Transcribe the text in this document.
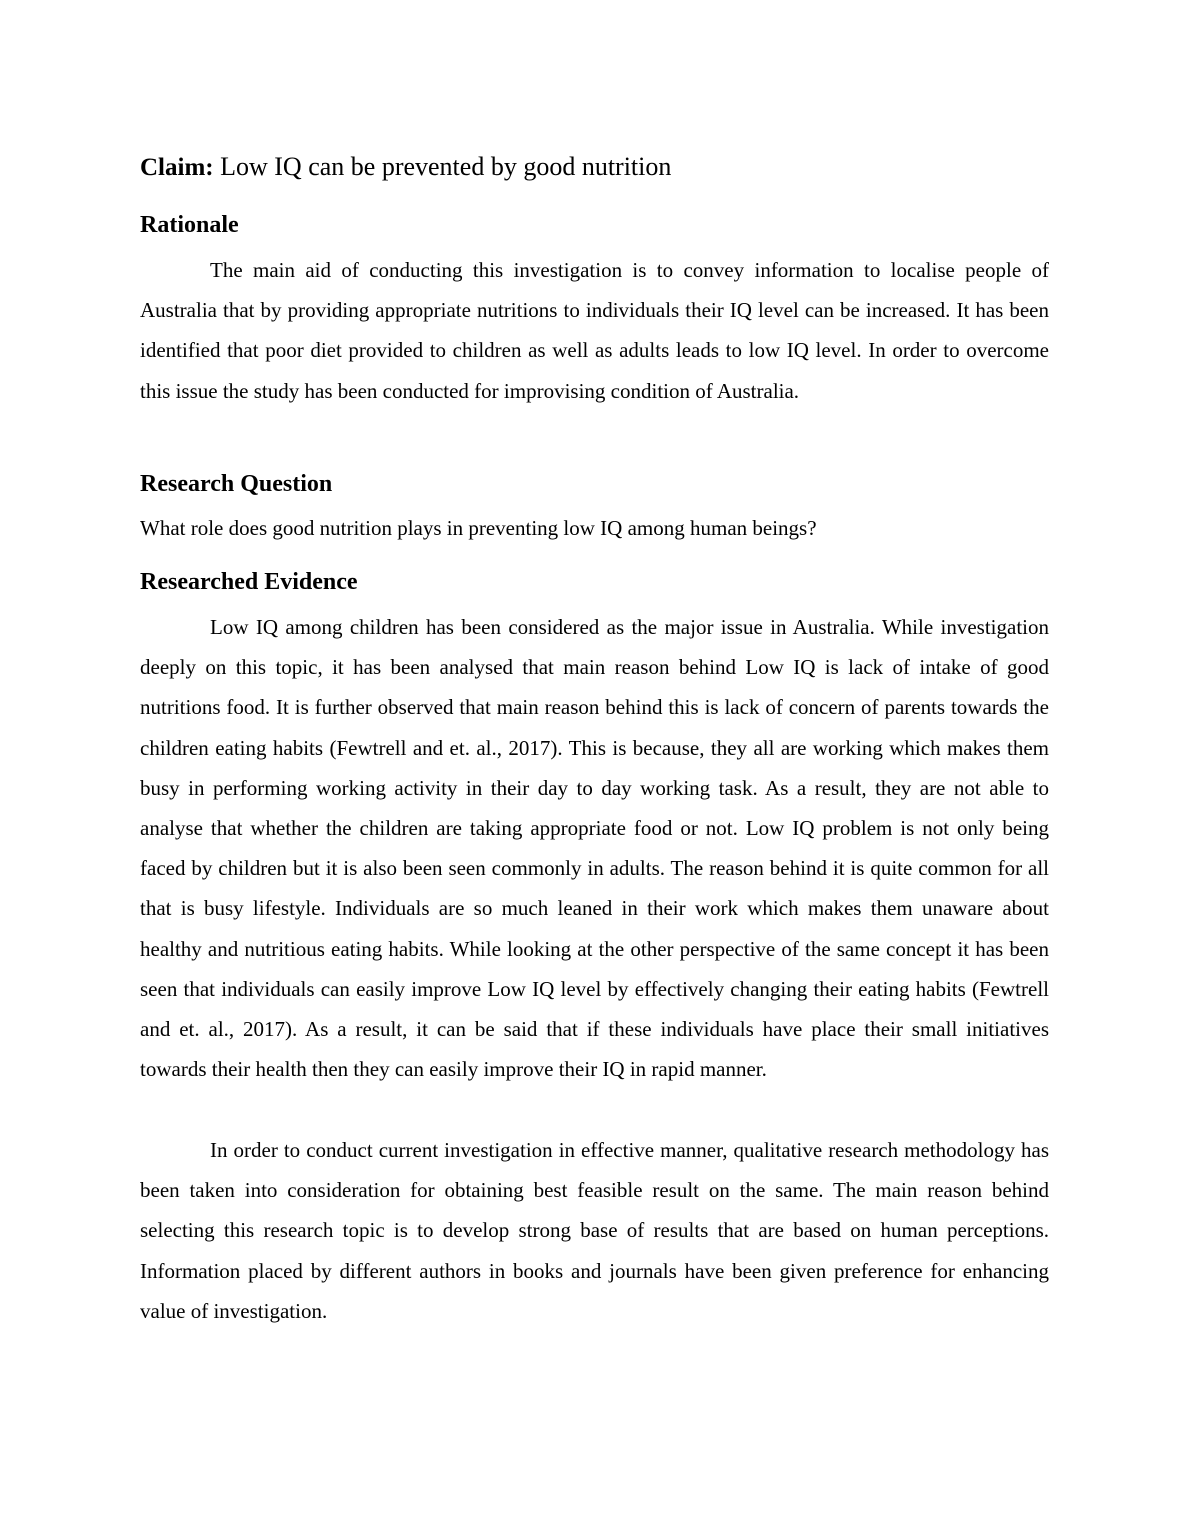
Claim: Low IQ can be prevented by good nutrition
Rationale

The main aid of conducting this investigation is to convey information to localise people of Australia that by providing appropriate nutritions to individuals their IQ level can be increased. It has been identified that poor diet provided to children as well as adults leads to low IQ level. In order to overcome this issue the study has been conducted for improvising condition of Australia.

Research Question
What role does good nutrition plays in preventing low IQ among human beings?
Researched Evidence

Low IQ among children has been considered as the major issue in Australia. While investigation deeply on this topic, it has been analysed that main reason behind Low IQ is lack of intake of good nutritions food. It is further observed that main reason behind this is lack of concern of parents towards the children eating habits (Fewtrell and et. al., 2017). This is because, they all are working which makes them busy in performing working activity in their day to day working task. As a result, they are not able to analyse that whether the children are taking appropriate food or not. Low IQ problem is not only being faced by children but it is also been seen commonly in adults. The reason behind it is quite common for all that is busy lifestyle. Individuals are so much leaned in their work which makes them unaware about healthy and nutritious eating habits. While looking at the other perspective of the same concept it has been seen that individuals can easily improve Low IQ level by effectively changing their eating habits (Fewtrell and et. al., 2017). As a result, it can be said that if these individuals have place their small initiatives towards their health then they can easily improve their IQ in rapid manner.

In order to conduct current investigation in effective manner, qualitative research methodology has been taken into consideration for obtaining best feasible result on the same. The main reason behind selecting this research topic is to develop strong base of results that are based on human perceptions. Information placed by different authors in books and journals have been given preference for enhancing value of investigation.
